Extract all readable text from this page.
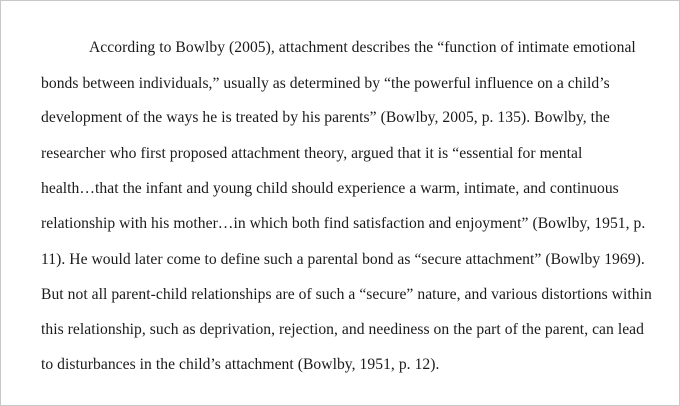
According to Bowlby (2005), attachment describes the “function of intimate emotional
bonds between individuals,” usually as determined by “the powerful influence on a child’s
development of the ways he is treated by his parents” (Bowlby, 2005, p. 135). Bowlby, the
researcher who first proposed attachment theory, argued that it is “essential for mental
health…that the infant and young child should experience a warm, intimate, and continuous
relationship with his mother…in which both find satisfaction and enjoyment” (Bowlby, 1951, p.
11). He would later come to define such a parental bond as “secure attachment” (Bowlby 1969).
But not all parent-child relationships are of such a “secure” nature, and various distortions within
this relationship, such as deprivation, rejection, and neediness on the part of the parent, can lead
to disturbances in the child’s attachment (Bowlby, 1951, p. 12).
